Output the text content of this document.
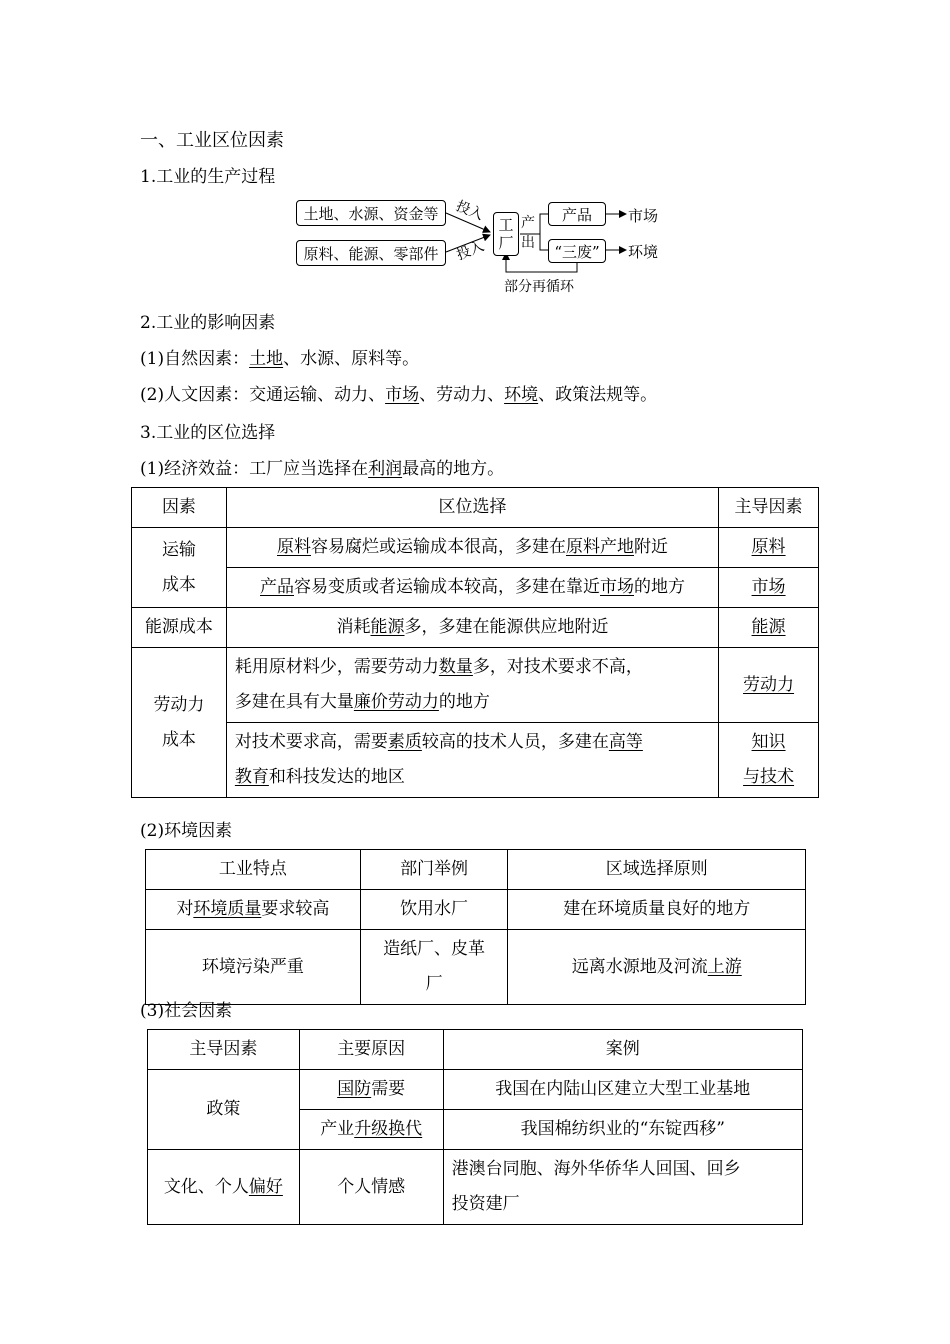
一、工业区位因素
1.工业的生产过程
土地、水源、资金等
原料、能源、零部件
投入
投入
工
厂
产
出
产品
“三废”
市场
环境
部分再循环
2.工业的影响因素
(1)自然因素：土地、水源、原料等。
(2)人文因素：交通运输、动力、市场、劳动力、环境、政策法规等。
3.工业的区位选择
(1)经济效益：工厂应当选择在利润最高的地方。
因素	区位选择	主导因素
运输
成本	原料容易腐烂或运输成本很高，多建在原料产地附近	原料
	产品容易变质或者运输成本较高，多建在靠近市场的地方	市场
能源成本	消耗能源多，多建在能源供应地附近	能源
劳动力
成本	耗用原材料少，需要劳动力数量多，对技术要求不高，
多建在具有大量廉价劳动力的地方	劳动力
	对技术要求高，需要素质较高的技术人员，多建在高等
教育和科技发达的地区	知识
与技术
(2)环境因素
工业特点	部门举例	区域选择原则
对环境质量要求较高	饮用水厂	建在环境质量良好的地方
环境污染严重	造纸厂、皮革
厂	远离水源地及河流上游
(3)社会因素
主导因素	主要原因	案例
政策	国防需要	我国在内陆山区建立大型工业基地
	产业升级换代	我国棉纺织业的“东锭西移”
文化、个人偏好	个人情感	港澳台同胞、海外华侨华人回国、回乡
投资建厂
